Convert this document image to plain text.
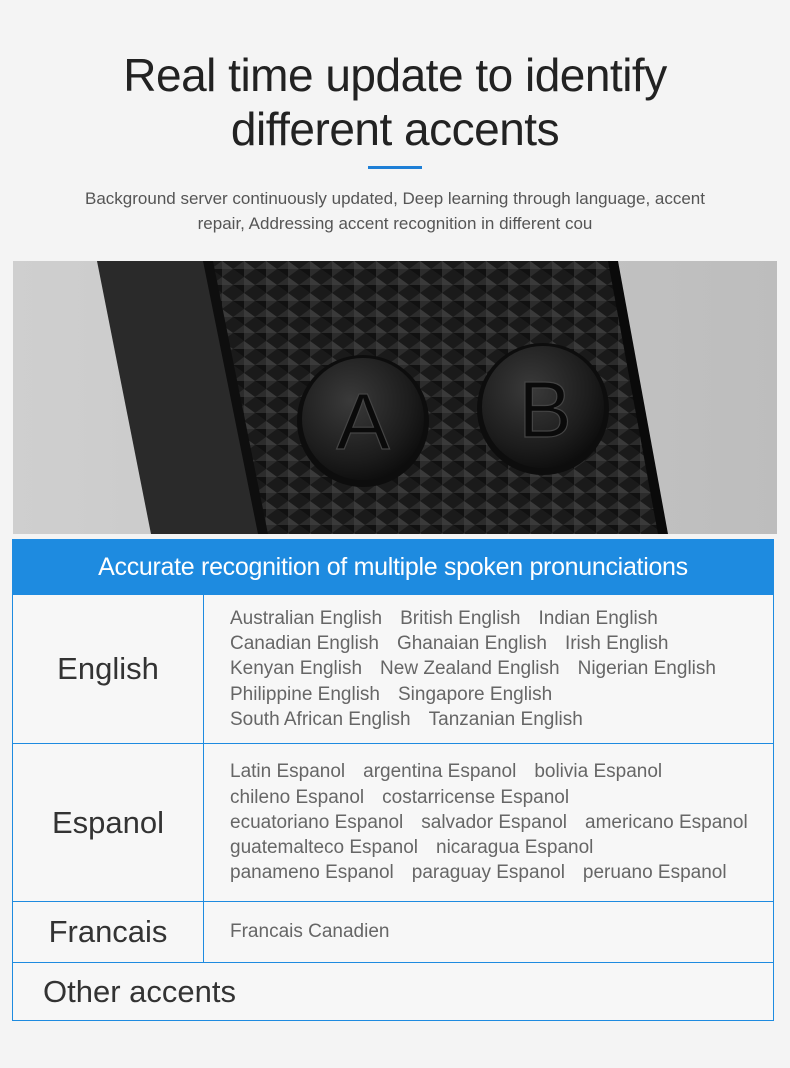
Real time update to identify
different accents
Background server continuously updated, Deep learning through language, accent
repair, Addressing accent recognition in different cou
A B
Accurate recognition of multiple spoken pronunciations
English
Australian English British English Indian English
Canadian English Ghanaian English Irish English
Kenyan English New Zealand English Nigerian English
Philippine English Singapore English
South African English Tanzanian English
Espanol
Latin Espanol argentina Espanol bolivia Espanol
chileno Espanol costarricense Espanol
ecuatoriano Espanol salvador Espanol americano Espanol
guatemalteco Espanol nicaragua Espanol
panameno Espanol paraguay Espanol peruano Espanol
Francais	Francais Canadien
Other accents
